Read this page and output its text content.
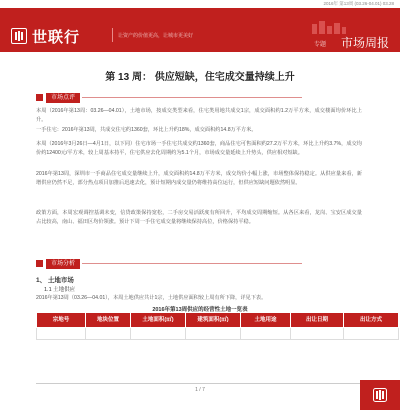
2016年 第13周 (03.26-04.01) 03.28
世联行	让资产的价值更高，让城市更美好
专题 市场周报
第 13 周： 供应短缺，住宅成交量持续上升
市场点评
本周（2016年第13周：03.26—04.01），土地市场，按成交类型来看，住宅类用地共成交1宗，成交面积约1.2万平方米，成交楼面均价环比上升。
一手住宅：2016年第13周，共成交住宅约1360套，环比上升约18%，成交面积约14.8万平方米。
本周（2016年3月26日—4月1日，以下同）住宅市场一手住宅共成交约1360套，商品住宅可售面积约27.2万平方米，环比上升约3.7%，成交均价约12400元/平方米，较上周基本持平，住宅供应去化周期约为5.1个月，市场成交量延续上升势头，供应相对短缺。
2016年第13周，深圳市一手商品住宅成交量继续上升，成交面积约14.8万平方米，成交均价小幅上涨，市场整体保持稳定。从供应量来看，新增供应仍然不足，部分热点项目加推后迅速去化，预计短期内成交量仍将维持高位运行，但供应短缺问题依然明显。
政策方面，本周宏观调控基调未变，信贷政策保持宽松，二手房交易活跃度有所回升，平均成交周期缩短。从各区来看，龙岗、宝安区成交量占比较高，南山、福田区均价领涨。预计下周一手住宅成交量将继续保持高位，价格保持平稳。
市场分析
1、 土地市场
1.1 土地供应
2016年第13周（03.26—04.01），本周土地供应共计1宗，土地供应面积较上周有所下降，详见下表。
2016年第13周供应的经营性土地一览表
宗地号	地块位置	土地面积(㎡)	建筑面积(㎡)	土地用途	出让日期	出让方式

1 / 7
